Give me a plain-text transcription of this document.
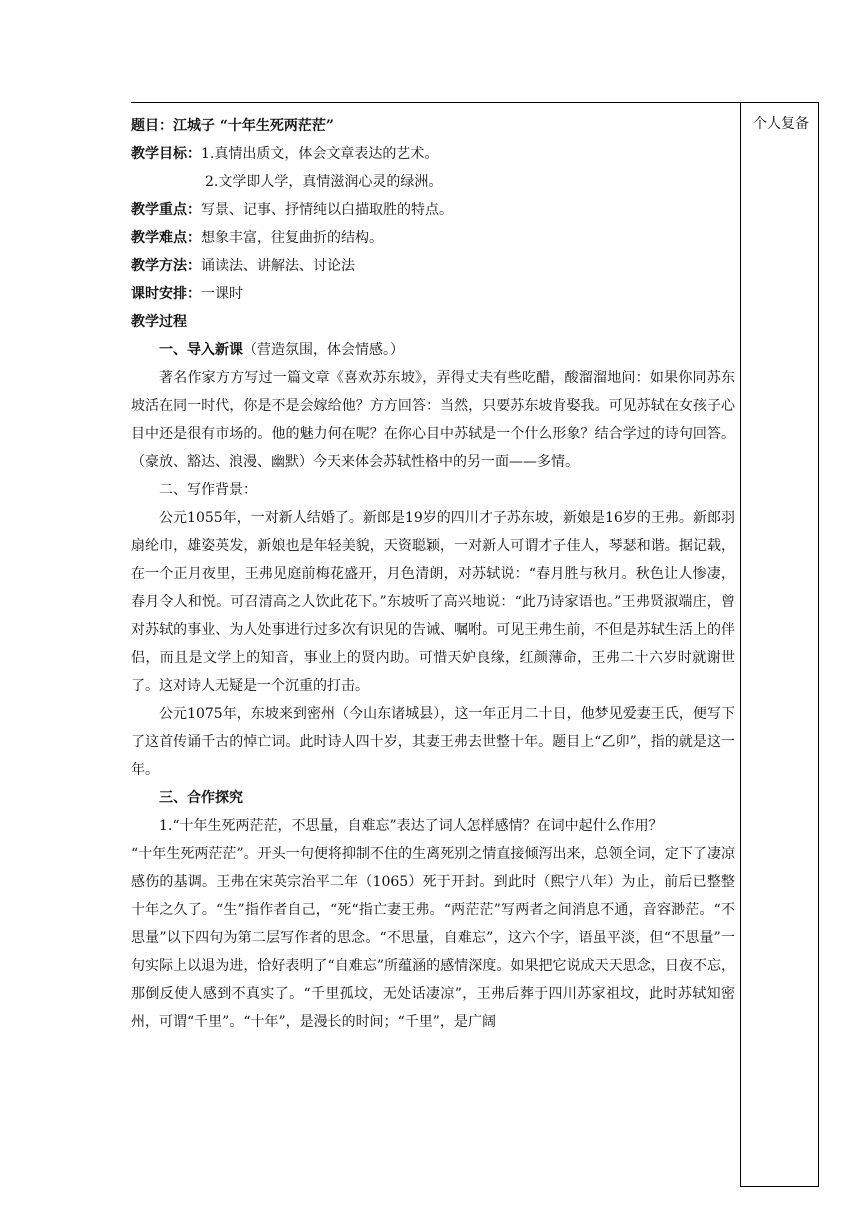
个人复备
题目：江城子 “十年生死两茫茫”
教学目标：1.真情出质文，体会文章表达的艺术。
2.文学即人学，真情滋润心灵的绿洲。
教学重点：写景、记事、抒情纯以白描取胜的特点。
教学难点：想象丰富，往复曲折的结构。
教学方法：诵读法、讲解法、讨论法
课时安排：一课时
教学过程
一、导入新课（营造氛围，体会情感。）
著名作家方方写过一篇文章《喜欢苏东坡》，弄得丈夫有些吃醋，酸溜溜地问：如果你同苏东坡活在同一时代，你是不是会嫁给他？方方回答：当然，只要苏东坡肯娶我。可见苏轼在女孩子心目中还是很有市场的。他的魅力何在呢？在你心目中苏轼是一个什么形象？结合学过的诗句回答。（豪放、豁达、浪漫、幽默）今天来体会苏轼性格中的另一面——多情。
二、写作背景：
公元1055年，一对新人结婚了。新郎是19岁的四川才子苏东坡，新娘是16岁的王弗。新郎羽扇纶巾，雄姿英发，新娘也是年轻美貌，天资聪颖，一对新人可谓才子佳人，琴瑟和谐。据记载，在一个正月夜里，王弗见庭前梅花盛开，月色清朗，对苏轼说：“春月胜与秋月。秋色让人惨凄，春月令人和悦。可召清高之人饮此花下。”东坡听了高兴地说：“此乃诗家语也。”王弗贤淑端庄，曾对苏轼的事业、为人处事进行过多次有识见的告诫、嘱咐。可见王弗生前，不但是苏轼生活上的伴侣，而且是文学上的知音，事业上的贤内助。可惜天妒良缘，红颜薄命，王弗二十六岁时就谢世了。这对诗人无疑是一个沉重的打击。
公元1075年，东坡来到密州（今山东诸城县），这一年正月二十日，他梦见爱妻王氏，便写下了这首传诵千古的悼亡词。此时诗人四十岁，其妻王弗去世整十年。题目上“乙卯”，指的就是这一年。
三、合作探究
1.“十年生死两茫茫，不思量，自难忘”表达了词人怎样感情？在词中起什么作用？
“十年生死两茫茫”。开头一句便将抑制不住的生离死别之情直接倾泻出来，总领全词，定下了凄凉感伤的基调。王弗在宋英宗治平二年（1065）死于开封。到此时（熙宁八年）为止，前后已整整十年之久了。“生”指作者自己，“死“指亡妻王弗。“两茫茫”写两者之间消息不通，音容渺茫。“不思量”以下四句为第二层写作者的思念。“不思量，自难忘”，这六个字，语虽平淡，但“不思量”一句实际上以退为进，恰好表明了“自难忘”所蕴涵的感情深度。如果把它说成天天思念，日夜不忘，那倒反使人感到不真实了。“千里孤坟，无处话凄凉”，王弗后葬于四川苏家祖坟，此时苏轼知密州，可谓“千里”。“十年”，是漫长的时间；“千里”，是广阔
